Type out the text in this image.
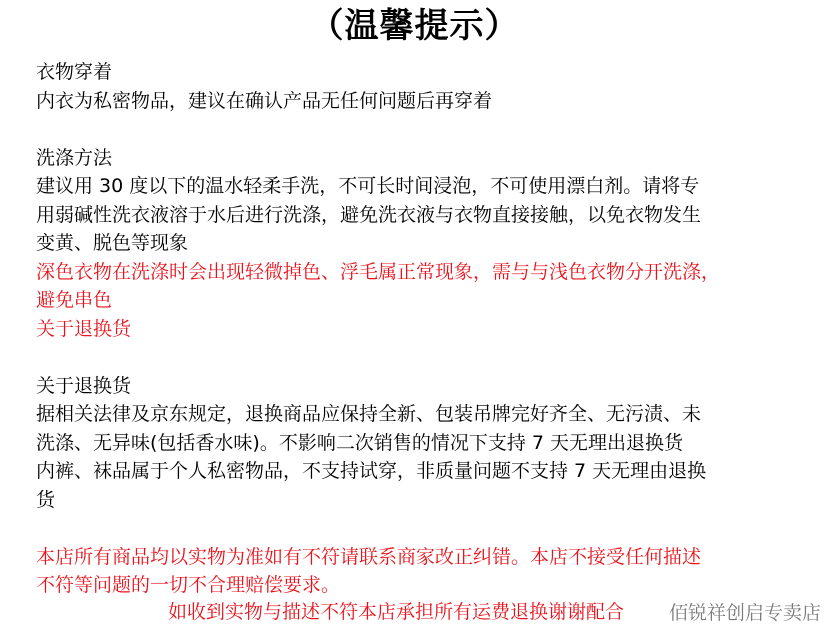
（温馨提示）
衣物穿着
内衣为私密物品，建议在确认产品无任何问题后再穿着
洗涤方法
建议用 30 度以下的温水轻柔手洗，不可长时间浸泡，不可使用漂白剂。请将专
用弱碱性洗衣液溶于水后进行洗涤，避免洗衣液与衣物直接接触，以免衣物发生
变黄、脱色等现象
深色衣物在洗涤时会出现轻微掉色、浮毛属正常现象，需与与浅色衣物分开洗涤，
避免串色
关于退换货
关于退换货
据相关法律及京东规定，退换商品应保持全新、包装吊牌完好齐全、无污渍、未
洗涤、无异味(包括香水味)。不影响二次销售的情况下支持 7 天无理出退换货
内裤、袜品属于个人私密物品，不支持试穿，非质量问题不支持 7 天无理由退换
货
本店所有商品均以实物为准如有不符请联系商家改正纠错。本店不接受任何描述
不符等问题的一切不合理赔偿要求。
如收到实物与描述不符本店承担所有运费退换谢谢配合	佰锐祥创启专卖店
